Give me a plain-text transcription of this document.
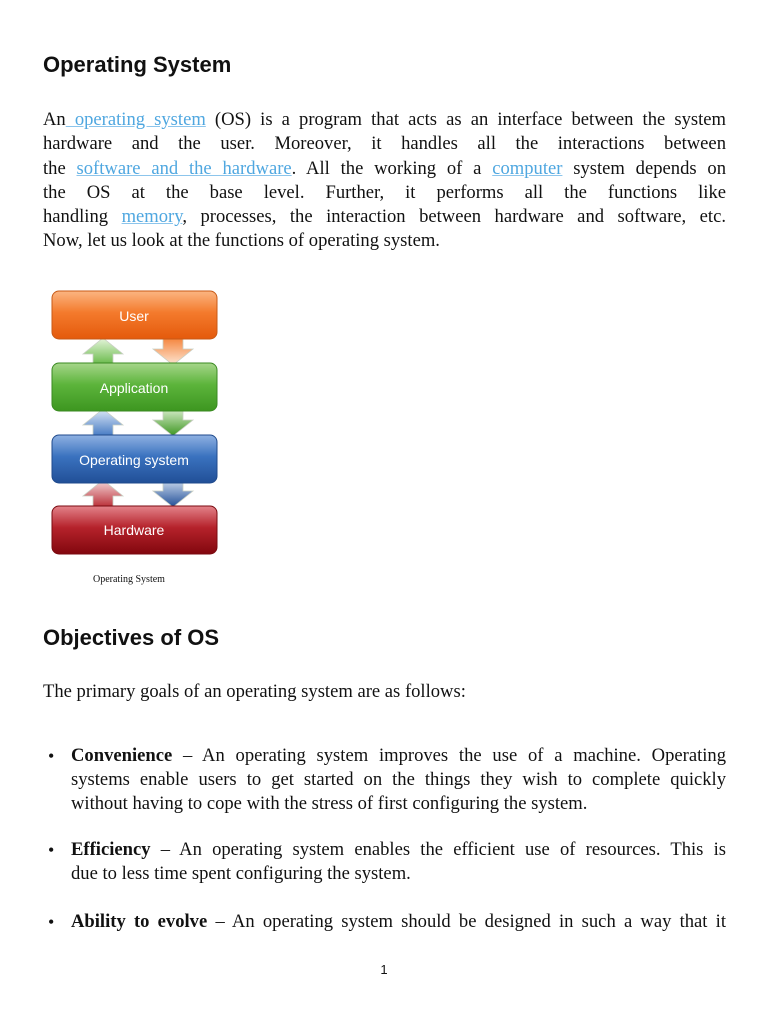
Operating System
An operating system (OS) is a program that acts as an interface between the system
hardware and the user. Moreover, it handles all the interactions between
the software and the hardware. All the working of a computer system depends on
the OS at the base level. Further, it performs all the functions like
handling memory, processes, the interaction between hardware and software, etc.
Now, let us look at the functions of operating system.
User
Application
Operating system
Hardware
Operating System
Objectives of OS

The primary goals of an operating system are as follows:

• Convenience – An operating system improves the use of a machine. Operating
systems enable users to get started on the things they wish to complete quickly
without having to cope with the stress of first configuring the system.
• Efficiency – An operating system enables the efficient use of resources. This is
due to less time spent configuring the system.
• Ability to evolve – An operating system should be designed in such a way that it
1
